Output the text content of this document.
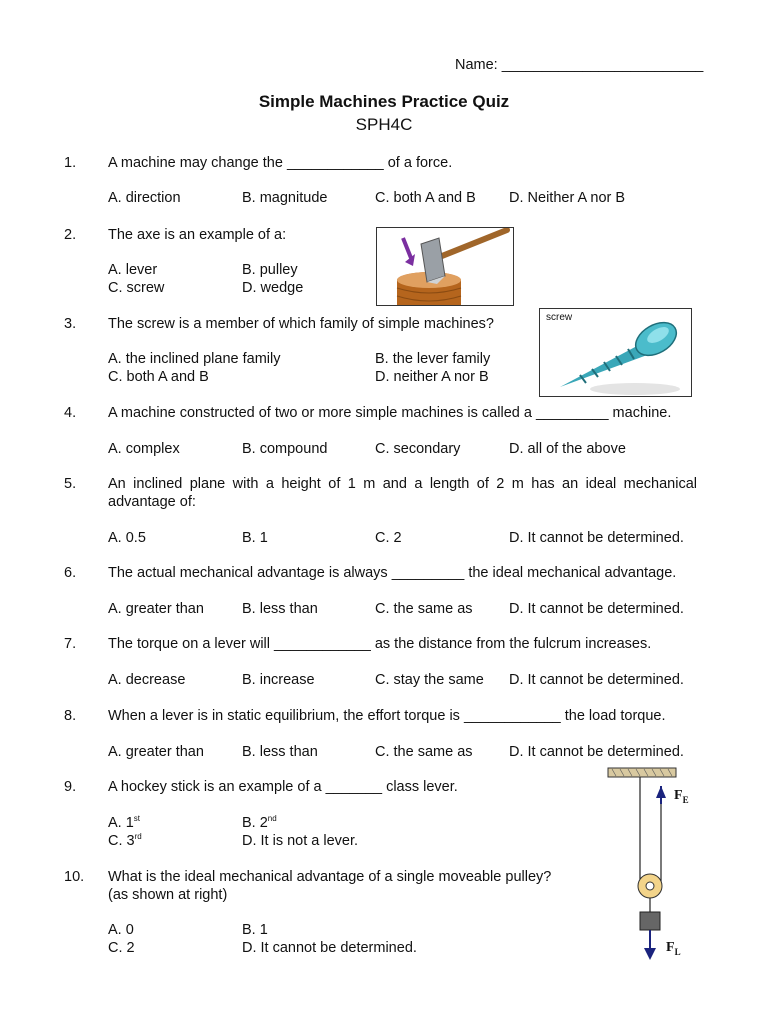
Name: _________________________
Simple Machines Practice Quiz
SPH4C
1. A machine may change the ____________ of a force.
A. direction	B. magnitude	C. both A and B D. Neither A nor B
2. The axe is an example of a:
A. lever	B. pulley
C. screw	D. wedge
3. The screw is a member of which family of simple machines?
A. the inclined plane family	B. the lever family
C. both A and B	D. neither A nor B
screw
4. A machine constructed of two or more simple machines is called a _________ machine.
A. complex	B. compound	C. secondary	D. all of the above
5. An inclined plane with a height of 1 m and a length of 2 m has an ideal mechanical advantage of:
A. 0.5	B. 1	C. 2	D. It cannot be determined.
6. The actual mechanical advantage is always _________ the ideal mechanical advantage.
A. greater than	B. less than	C. the same as	D. It cannot be determined.
7. The torque on a lever will ____________ as the distance from the fulcrum increases.
A. decrease	B. increase	C. stay the same D. It cannot be determined.
8. When a lever is in static equilibrium, the effort torque is ____________ the load torque.
A. greater than	B. less than	C. the same as	D. It cannot be determined.
9. A hockey stick is an example of a _______ class lever.
A. 1st	B. 2nd
C. 3rd	D. It is not a lever.
10. What is the ideal mechanical advantage of a single moveable pulley?
(as shown at right)
A. 0	B. 1
C. 2	D. It cannot be determined.
$F_E$
$F_L$
